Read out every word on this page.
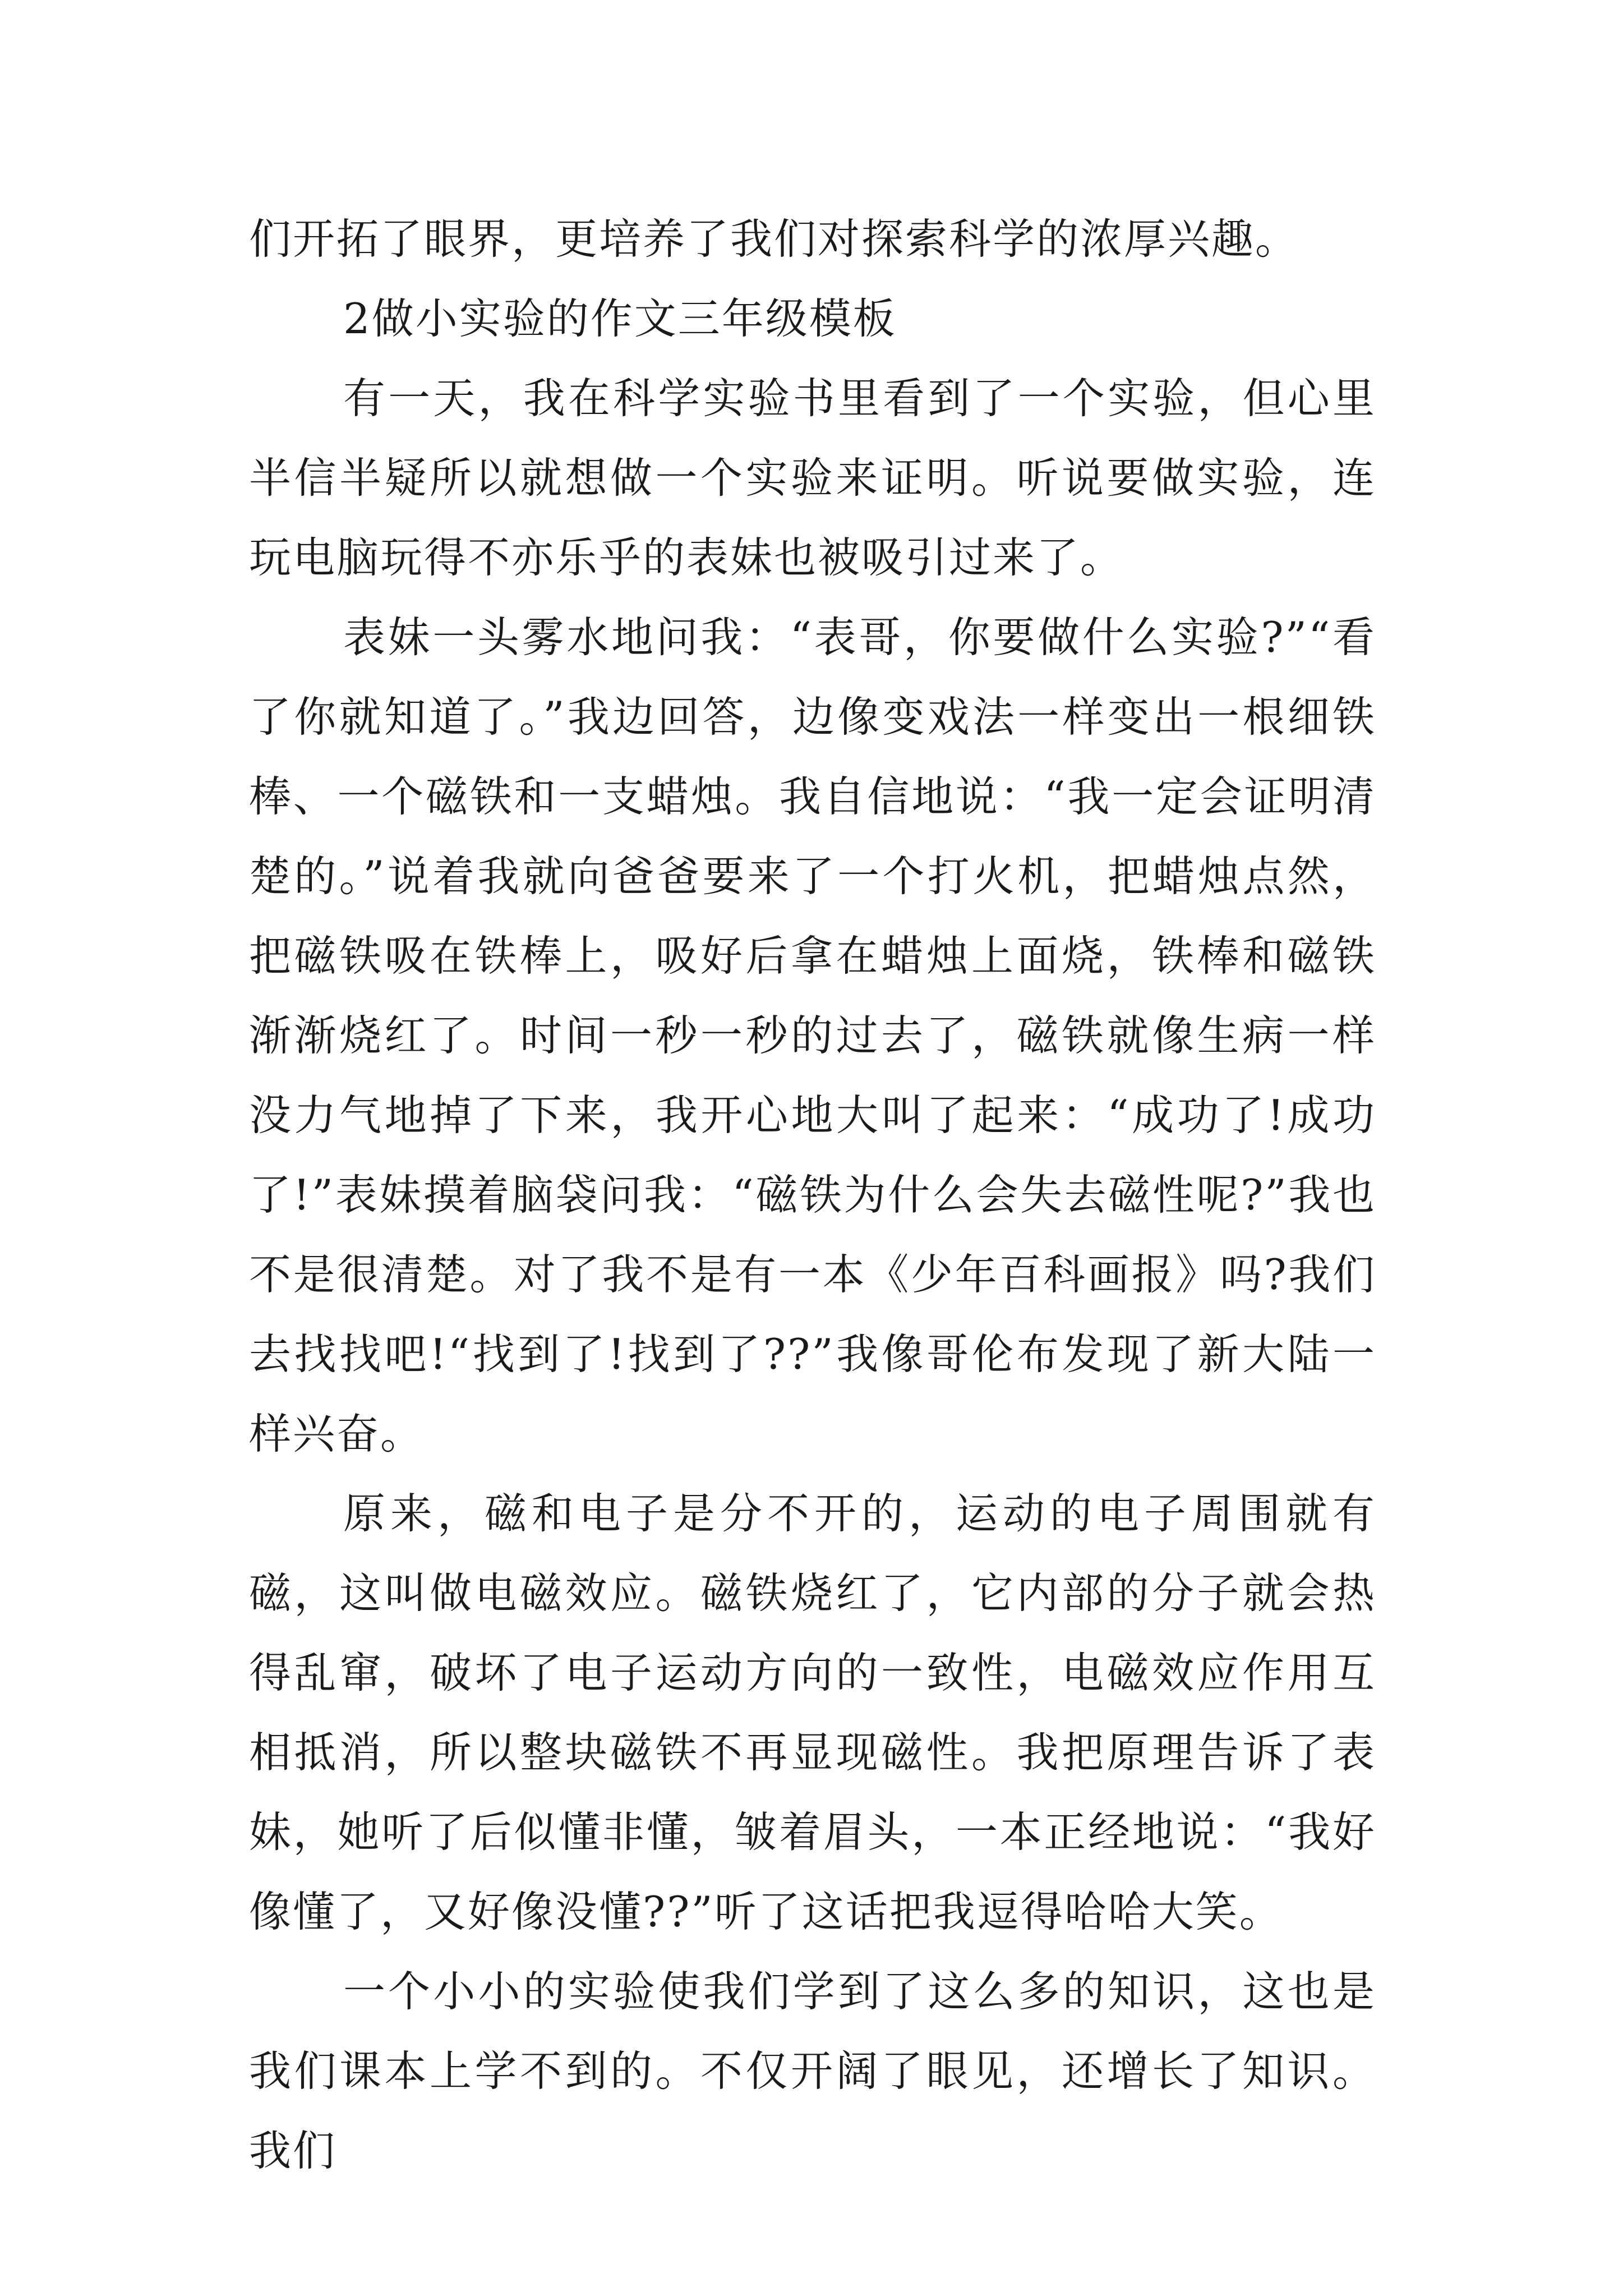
们开拓了眼界，更培养了我们对探索科学的浓厚兴趣。

2做小实验的作文三年级模板

有一天，我在科学实验书里看到了一个实验，但心里半信半疑所以就想做一个实验来证明。听说要做实验，连玩电脑玩得不亦乐乎的表妹也被吸引过来了。

表妹一头雾水地问我：“表哥，你要做什么实验?”“看了你就知道了。”我边回答，边像变戏法一样变出一根细铁棒、一个磁铁和一支蜡烛。我自信地说：“我一定会证明清楚的。”说着我就向爸爸要来了一个打火机，把蜡烛点然，把磁铁吸在铁棒上，吸好后拿在蜡烛上面烧，铁棒和磁铁渐渐烧红了。时间一秒一秒的过去了，磁铁就像生病一样没力气地掉了下来，我开心地大叫了起来：“成功了!成功了!”表妹摸着脑袋问我：“磁铁为什么会失去磁性呢?”我也不是很清楚。对了我不是有一本《少年百科画报》吗?我们去找找吧!“找到了!找到了??”我像哥伦布发现了新大陆一样兴奋。

原来，磁和电子是分不开的，运动的电子周围就有磁，这叫做电磁效应。磁铁烧红了，它内部的分子就会热得乱窜，破坏了电子运动方向的一致性，电磁效应作用互相抵消，所以整块磁铁不再显现磁性。我把原理告诉了表妹，她听了后似懂非懂，皱着眉头，一本正经地说：“我好像懂了，又好像没懂??”听了这话把我逗得哈哈大笑。

一个小小的实验使我们学到了这么多的知识，这也是我们课本上学不到的。不仅开阔了眼见，还增长了知识。我们
